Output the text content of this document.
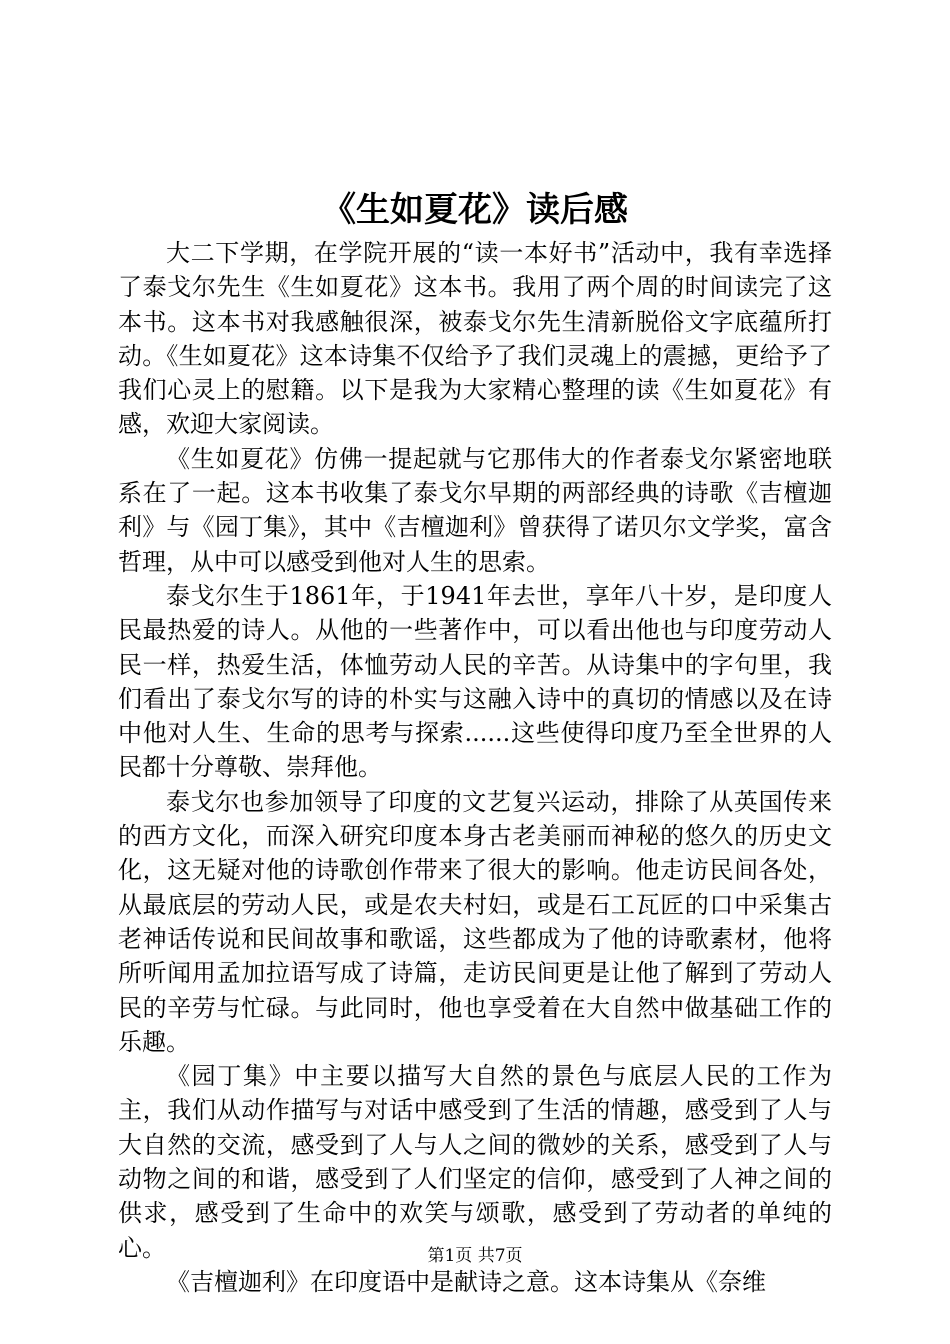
《生如夏花》读后感

大二下学期，在学院开展的“读一本好书”活动中，我有幸选择了泰戈尔先生《生如夏花》这本书。我用了两个周的时间读完了这本书。这本书对我感触很深，被泰戈尔先生清新脱俗文字底蕴所打动。《生如夏花》这本诗集不仅给予了我们灵魂上的震撼，更给予了我们心灵上的慰籍。以下是我为大家精心整理的读《生如夏花》有感，欢迎大家阅读。

《生如夏花》仿佛一提起就与它那伟大的作者泰戈尔紧密地联系在了一起。这本书收集了泰戈尔早期的两部经典的诗歌《吉檀迦利》与《园丁集》，其中《吉檀迦利》曾获得了诺贝尔文学奖，富含哲理，从中可以感受到他对人生的思索。

泰戈尔生于1861年，于1941年去世，享年八十岁，是印度人民最热爱的诗人。从他的一些著作中，可以看出他也与印度劳动人民一样，热爱生活，体恤劳动人民的辛苦。从诗集中的字句里，我们看出了泰戈尔写的诗的朴实与这融入诗中的真切的情感以及在诗中他对人生、生命的思考与探索......这些使得印度乃至全世界的人民都十分尊敬、崇拜他。

泰戈尔也参加领导了印度的文艺复兴运动，排除了从英国传来的西方文化，而深入研究印度本身古老美丽而神秘的悠久的历史文化，这无疑对他的诗歌创作带来了很大的影响。他走访民间各处，从最底层的劳动人民，或是农夫村妇，或是石工瓦匠的口中采集古老神话传说和民间故事和歌谣，这些都成为了他的诗歌素材，他将所听闻用孟加拉语写成了诗篇，走访民间更是让他了解到了劳动人民的辛劳与忙碌。与此同时，他也享受着在大自然中做基础工作的乐趣。

《园丁集》中主要以描写大自然的景色与底层人民的工作为主，我们从动作描写与对话中感受到了生活的情趣，感受到了人与大自然的交流，感受到了人与人之间的微妙的关系，感受到了人与动物之间的和谐，感受到了人们坚定的信仰，感受到了人神之间的供求，感受到了生命中的欢笑与颂歌，感受到了劳动者的单纯的心。

《吉檀迦利》在印度语中是献诗之意。这本诗集从《奈维

第1页 共7页
